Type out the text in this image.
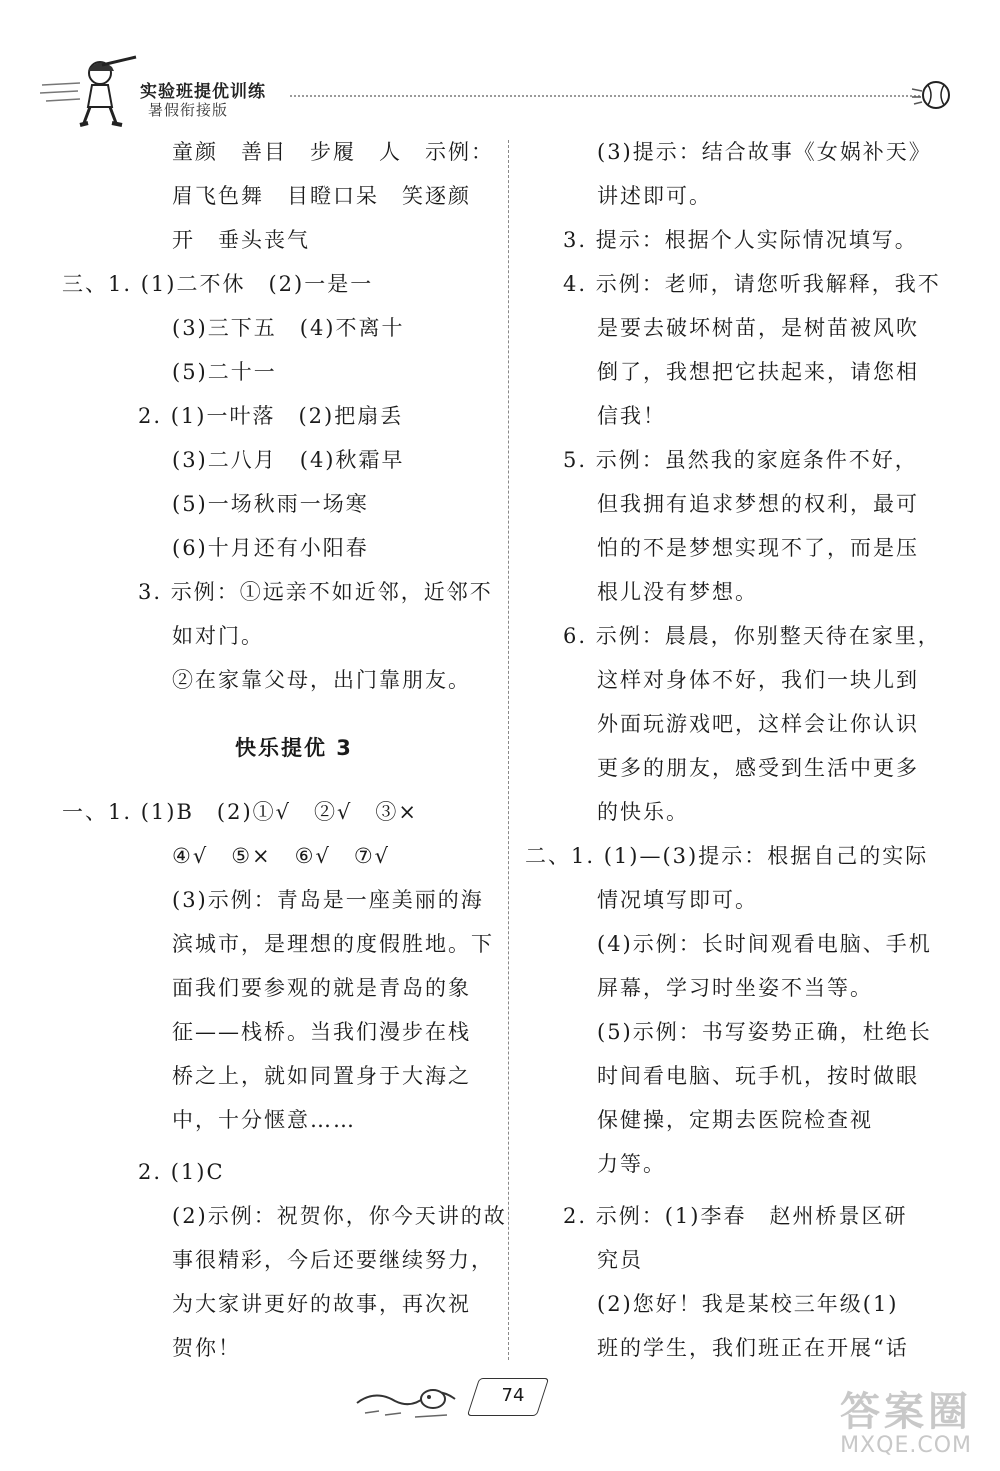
实验班提优训练
暑假衔接版
童颜　善目　步履　人　示例：
眉飞色舞　目瞪口呆　笑逐颜
开　垂头丧气
三、1. (1)二不休　(2)一是一
(3)三下五　(4)不离十
(5)二十一
2. (1)一叶落　(2)把扇丢
(3)二八月　(4)秋霜早
(5)一场秋雨一场寒
(6)十月还有小阳春
3. 示例：①远亲不如近邻，近邻不
如对门。
②在家靠父母，出门靠朋友。
快乐提优 3
一、1. (1)B　(2)①√　②√　③×
④√　⑤×　⑥√　⑦√
(3)示例：青岛是一座美丽的海
滨城市，是理想的度假胜地。下
面我们要参观的就是青岛的象
征——栈桥。当我们漫步在栈
桥之上，就如同置身于大海之
中，十分惬意……
2. (1)C
(2)示例：祝贺你，你今天讲的故
事很精彩，今后还要继续努力，
为大家讲更好的故事，再次祝
贺你！
(3)提示：结合故事《女娲补天》
讲述即可。
3. 提示：根据个人实际情况填写。
4. 示例：老师，请您听我解释，我不
是要去破坏树苗，是树苗被风吹
倒了，我想把它扶起来，请您相
信我！
5. 示例：虽然我的家庭条件不好，
但我拥有追求梦想的权利，最可
怕的不是梦想实现不了，而是压
根儿没有梦想。
6. 示例：晨晨，你别整天待在家里，
这样对身体不好，我们一块儿到
外面玩游戏吧，这样会让你认识
更多的朋友，感受到生活中更多
的快乐。
二、1. (1)—(3)提示：根据自己的实际
情况填写即可。
(4)示例：长时间观看电脑、手机
屏幕，学习时坐姿不当等。
(5)示例：书写姿势正确，杜绝长
时间看电脑、玩手机，按时做眼
保健操，定期去医院检查视
力等。
2. 示例：(1)李春　赵州桥景区研
究员
(2)您好！我是某校三年级(1)
班的学生，我们班正在开展“话
74	答案圈
MXQE.COM
